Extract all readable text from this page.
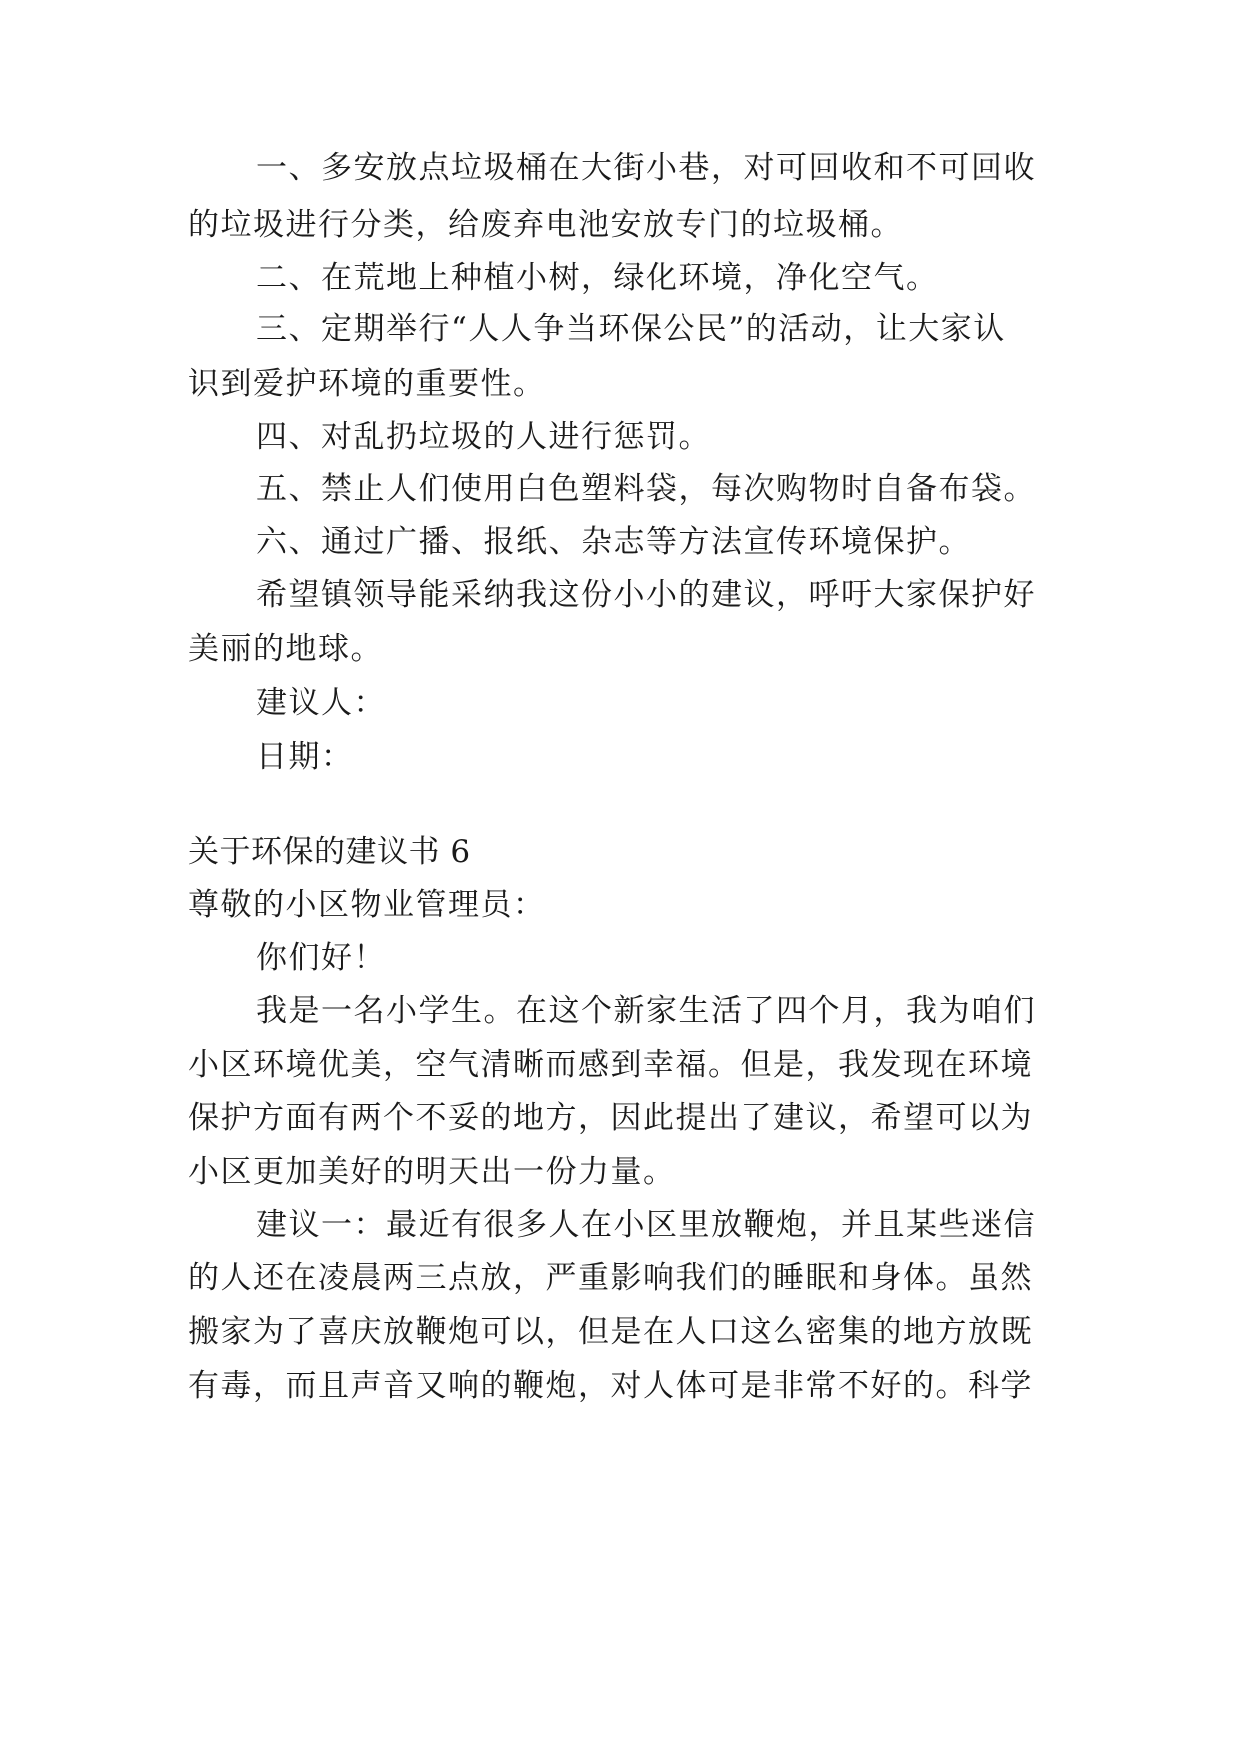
一、多安放点垃圾桶在大街小巷，对可回收和不可回收
的垃圾进行分类，给废弃电池安放专门的垃圾桶。
二、在荒地上种植小树，绿化环境，净化空气。
三、定期举行“人人争当环保公民”的活动，让大家认
识到爱护环境的重要性。
四、对乱扔垃圾的人进行惩罚。
五、禁止人们使用白色塑料袋，每次购物时自备布袋。
六、通过广播、报纸、杂志等方法宣传环境保护。
希望镇领导能采纳我这份小小的建议，呼吁大家保护好
美丽的地球。
建议人：
日期：
关于环保的建议书 6
尊敬的小区物业管理员：
你们好！
我是一名小学生。在这个新家生活了四个月，我为咱们
小区环境优美，空气清晰而感到幸福。但是，我发现在环境
保护方面有两个不妥的地方，因此提出了建议，希望可以为
小区更加美好的明天出一份力量。
建议一：最近有很多人在小区里放鞭炮，并且某些迷信
的人还在凌晨两三点放，严重影响我们的睡眠和身体。虽然
搬家为了喜庆放鞭炮可以，但是在人口这么密集的地方放既
有毒，而且声音又响的鞭炮，对人体可是非常不好的。科学
